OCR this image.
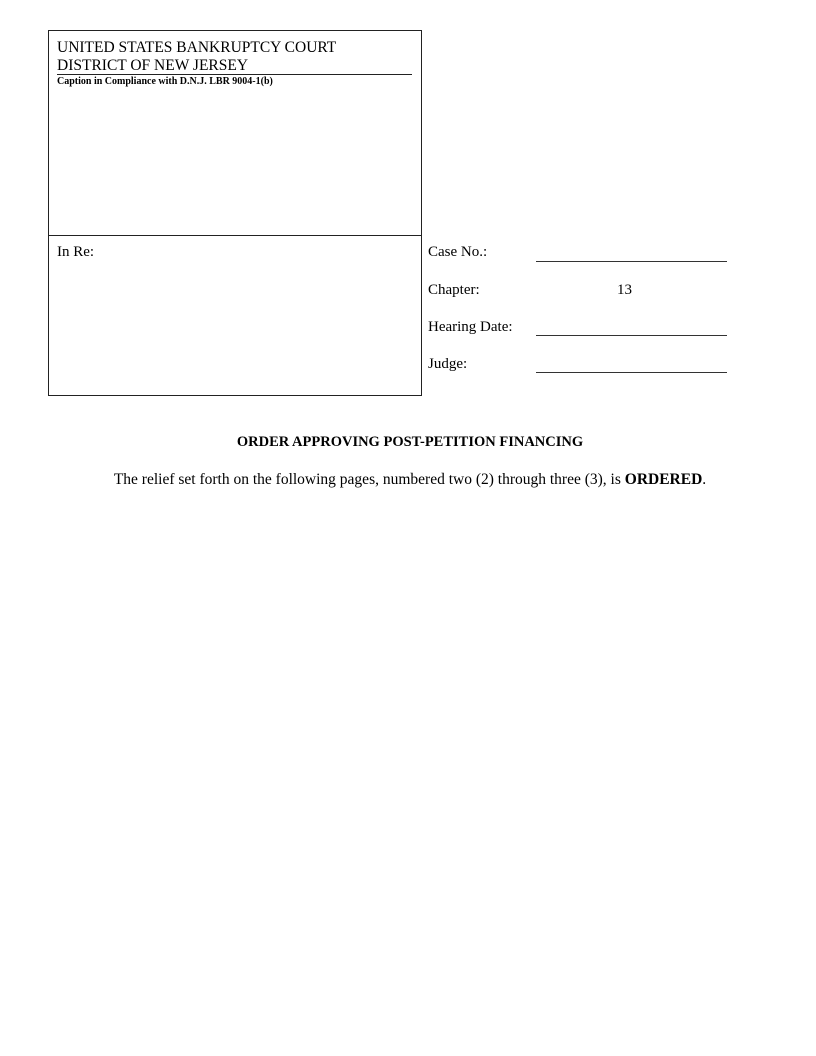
UNITED STATES BANKRUPTCY COURT
DISTRICT OF NEW JERSEY
Caption in Compliance with D.N.J. LBR 9004-1(b)
In Re:	Case No.:
Chapter:	13
Hearing Date:
Judge:
ORDER APPROVING POST-PETITION FINANCING
The relief set forth on the following pages, numbered two (2) through three (3), is ORDERED.
